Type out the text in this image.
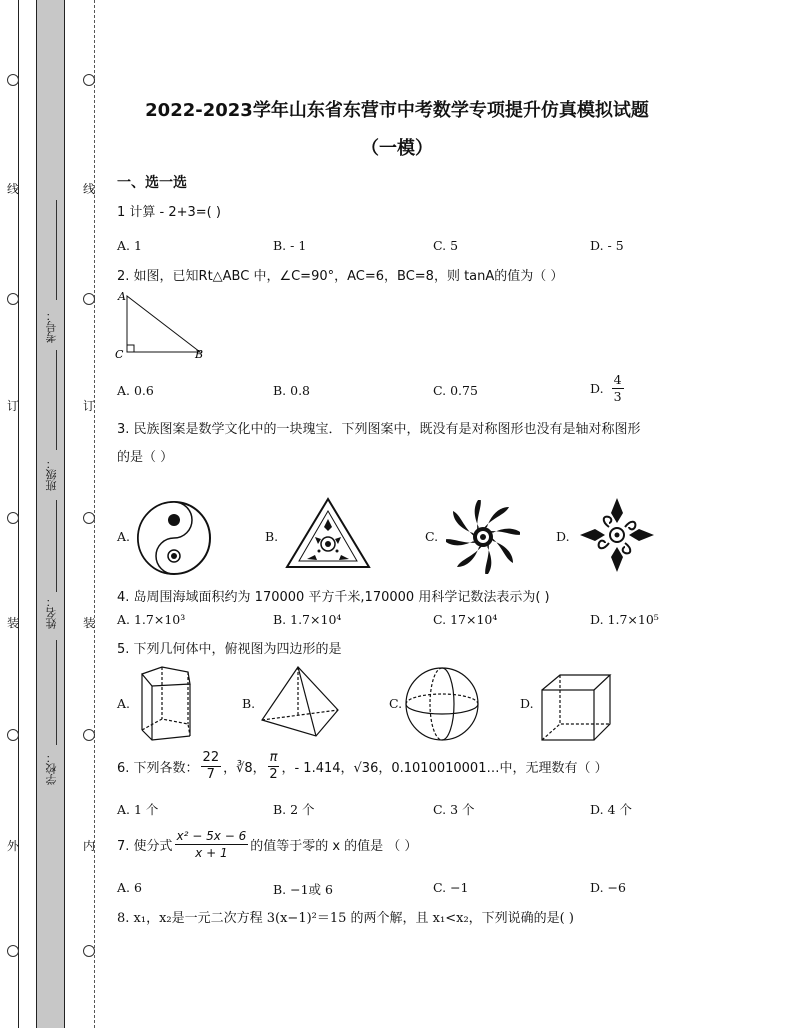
线
订
装
外
线
订
装
内
考号：
班级：
姓名：
学校：
2022-2023学年山东省东营市中考数学专项提升仿真模拟试题
（一模）
一、选一选
1 计算 - 2+3=( )
A. 1	B. - 1	C. 5	D. - 5
2. 如图，已知Rt△ABC 中，∠C=90°，AC=6，BC=8，则 tanA的值为（ ）
A
C	B
A. 0.6	B. 0.8	C. 0.75	D. $\frac{4}{3}$
3. 民族图案是数学文化中的一块瑰宝．下列图案中，既没有是对称图形也没有是轴对称图形
的是（ ）
A.	B.	C.	D.
4. 岛周围海域面积约为 170000 平方千米,170000 用科学记数法表示为( )
A. 1.7×10³	B. 1.7×10⁴	C. 17×10⁴	D. 1.7×10⁵
5. 下列几何体中，俯视图为四边形的是
A.	B.	C.	D.
6. 下列各数： $\frac{22}{7}$ ，∛8， $\frac{\pi}{2}$ ，- 1.414，√36，0.1010010001…中，无理数有（ ）
A. 1 个	B. 2 个	C. 3 个	D. 4 个
7. 使分式 $\frac{\text{x² − 5x − 6}}{x + 1}$ 的值等于零的 x 的值是 （ ）
A. 6	B. −1或 6	C. −1	D. −6
8. x₁，x₂是一元二次方程 3(x−1)²＝15 的两个解，且 x₁<x₂，下列说确的是( )
